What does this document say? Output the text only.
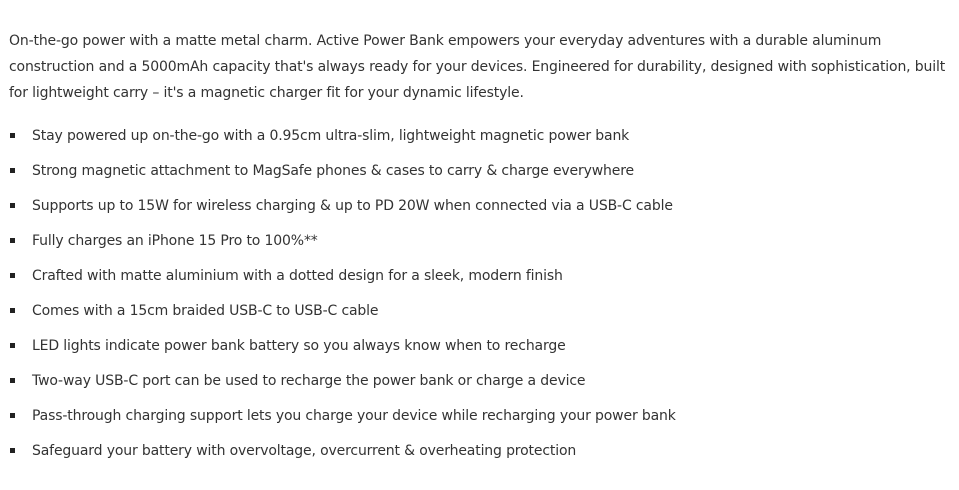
On-the-go power with a matte metal charm. Active Power Bank empowers your everyday adventures with a durable aluminum construction and a 5000mAh capacity that's always ready for your devices. Engineered for durability, designed with sophistication, built for lightweight carry – it's a magnetic charger fit for your dynamic lifestyle.

Stay powered up on-the-go with a 0.95cm ultra-slim, lightweight magnetic power bank
Strong magnetic attachment to MagSafe phones & cases to carry & charge everywhere
Supports up to 15W for wireless charging & up to PD 20W when connected via a USB-C cable
Fully charges an iPhone 15 Pro to 100%**
Crafted with matte aluminium with a dotted design for a sleek, modern finish
Comes with a 15cm braided USB-C to USB-C cable
LED lights indicate power bank battery so you always know when to recharge
Two-way USB-C port can be used to recharge the power bank or charge a device
Pass-through charging support lets you charge your device while recharging your power bank
Safeguard your battery with overvoltage, overcurrent & overheating protection
